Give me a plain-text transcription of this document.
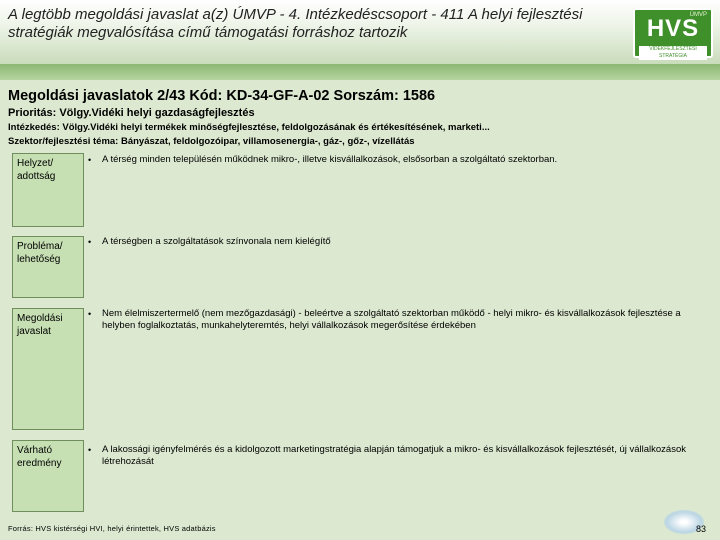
A legtöbb megoldási javaslat a(z) ÚMVP - 4. Intézkedéscsoport - 411 A helyi fejlesztési stratégiák megvalósítása című támogatási forráshoz tartozik
ÚMVP
HVS
VIDÉKFEJLESZTÉSI STRATÉGIA
Megoldási javaslatok 2/43 Kód: KD-34-GF-A-02 Sorszám: 1586
Prioritás: Völgy.Vidéki helyi gazdaságfejlesztés
Intézkedés: Völgy.Vidéki helyi termékek minőségfejlesztése, feldolgozásának és értékesítésének, marketi...
Szektor/fejlesztési téma: Bányászat, feldolgozóipar, villamosenergia-, gáz-, gőz-, vízellátás
Helyzet/ adottság
• A térség minden településén működnek mikro-, illetve kisvállalkozások, elsősorban a szolgáltató szektorban.
Probléma/ lehetőség
• A térségben a szolgáltatások színvonala nem kielégítő
Megoldási javaslat
• Nem élelmiszertermelő (nem mezőgazdasági) - beleértve a szolgáltató szektorban működő - helyi mikro- és kisvállalkozások fejlesztése a helyben foglalkoztatás, munkahelyteremtés, helyi vállalkozások megerősítése érdekében
Várható eredmény
• A lakossági igényfelmérés és a kidolgozott marketingstratégia alapján támogatjuk a mikro- és kisvállalkozások fejlesztését, új vállalkozások létrehozását
Forrás: HVS kistérségi HVI, helyi érintettek, HVS adatbázis	83
